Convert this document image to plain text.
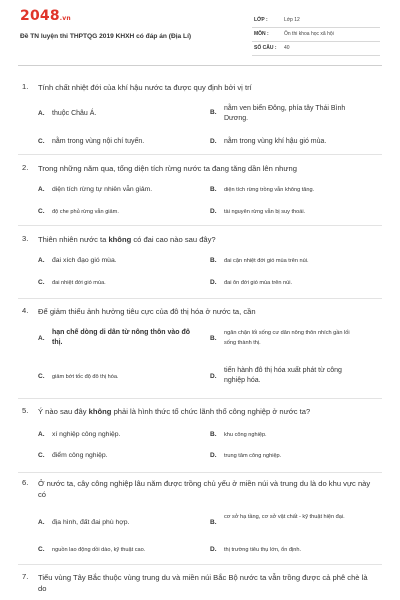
2048.vn
Đề TN luyện thi THPTQG 2019 KHXH có đáp án (Địa Lí)
LỚP :	Lớp 12
MÔN :	Ôn thi khoa học xã hội
SỐ CÂU : 40
1. Tính chất nhiệt đới của khí hậu nước ta được quy định bởi vị trí
A. thuộc Châu Á.	B.
nằm ven biển Đông, phía tây Thái Bình Dương.
C. nằm trong vùng nội chí tuyến.	D. nằm trong vùng khí hậu gió mùa.
2. Trong những năm qua, tổng diện tích rừng nước ta đang tăng dần lên nhưng
A. diện tích rừng tự nhiên vẫn giảm.	B. diện tích rừng trồng vẫn không tăng.
C. độ che phủ rừng vẫn giảm.	D. tài nguyên rừng vẫn bị suy thoái.
3. Thiên nhiên nước ta không có đai cao nào sau đây?
A. đai xích đạo gió mùa.	B. đai cận nhiệt đới gió mùa trên núi.
C. đai nhiệt đới gió mùa.	D. đai ôn đới gió mùa trên núi.
4. Để giảm thiểu ảnh hưởng tiêu cực của đô thị hóa ở nước ta, cần
A.
hạn chế dòng di dân từ nông thôn vào đô thị.
B.
ngăn chặn lối sống cư dân nông thôn nhích gần lối sống thành thị.
C. giảm bớt tốc độ đô thị hóa.	D.
tiến hành đô thị hóa xuất phát từ công nghiệp hóa.
5. Ý nào sau đây không phải là hình thức tổ chức lãnh thổ công nghiệp ở nước ta?
A. xí nghiệp công nghiệp.	B. khu công nghiệp.
C. điểm công nghiệp.	D. trung tâm công nghiệp.
6. Ở nước ta, cây công nghiệp lâu năm được trồng chủ yếu ở miền núi và trung du là do khu vực này có
A. địa hình, đất đai phù hợp.	B.
cơ sở hạ tầng, cơ sở vật chất - kỹ thuật hiện đại.
C. nguồn lao động dồi dào, kỹ thuật cao.	D. thị trường tiêu thụ lớn, ổn định.
7. Tiểu vùng Tây Bắc thuộc vùng trung du và miền núi Bắc Bộ nước ta vẫn trồng được cả phê chè là do
